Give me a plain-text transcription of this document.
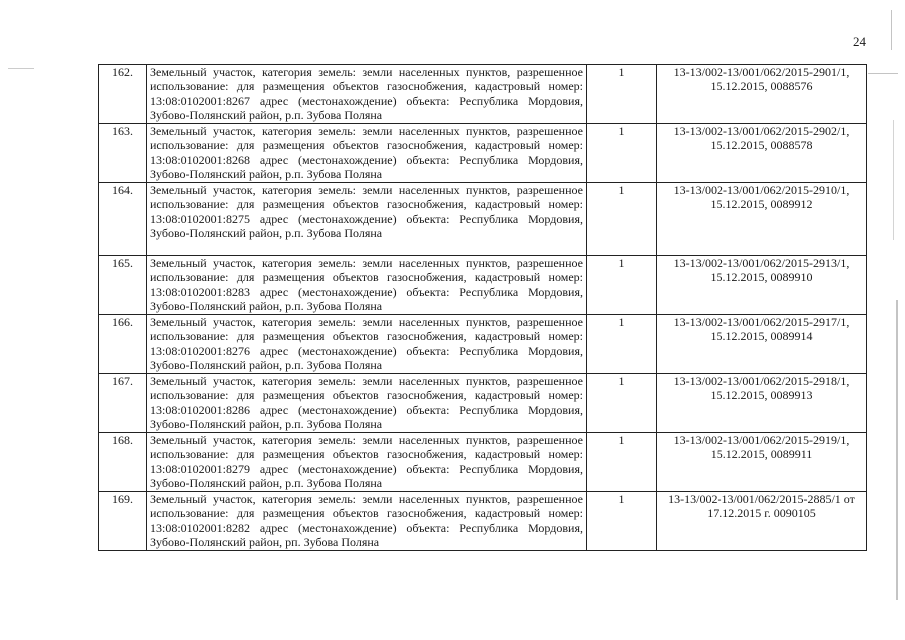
24
162.	Земельный участок, категория земель: земли населенных пунктов, разрешенное использование: для размещения объектов газоснобжения, кадастровый номер: 13:08:0102001:8267 адрес (местонахождение) объекта: Республика Мордовия, Зубово-Полянский район, р.п. Зубова Поляна	1	13-13/002-13/001/062/2015-2901/1, 15.12.2015, 0088576
163.	Земельный участок, категория земель: земли населенных пунктов, разрешенное использование: для размещения объектов газоснобжения, кадастровый номер: 13:08:0102001:8268 адрес (местонахождение) объекта: Республика Мордовия, Зубово-Полянский район, р.п. Зубова Поляна	1	13-13/002-13/001/062/2015-2902/1, 15.12.2015, 0088578
164.	Земельный участок, категория земель: земли населенных пунктов, разрешенное использование: для размещения объектов газоснобжения, кадастровый номер: 13:08:0102001:8275 адрес (местонахождение) объекта: Республика Мордовия, Зубово-Полянский район, р.п. Зубова Поляна	1	13-13/002-13/001/062/2015-2910/1, 15.12.2015, 0089912
165.	Земельный участок, категория земель: земли населенных пунктов, разрешенное использование: для размещения объектов газоснобжения, кадастровый номер: 13:08:0102001:8283 адрес (местонахождение) объекта: Республика Мордовия, Зубово-Полянский район, р.п. Зубова Поляна	1	13-13/002-13/001/062/2015-2913/1, 15.12.2015, 0089910
166.	Земельный участок, категория земель: земли населенных пунктов, разрешенное использование: для размещения объектов газоснобжения, кадастровый номер: 13:08:0102001:8276 адрес (местонахождение) объекта: Республика Мордовия, Зубово-Полянский район, р.п. Зубова Поляна	1	13-13/002-13/001/062/2015-2917/1, 15.12.2015, 0089914
167.	Земельный участок, категория земель: земли населенных пунктов, разрешенное использование: для размещения объектов газоснобжения, кадастровый номер: 13:08:0102001:8286 адрес (местонахождение) объекта: Республика Мордовия, Зубово-Полянский район, р.п. Зубова Поляна	1	13-13/002-13/001/062/2015-2918/1, 15.12.2015, 0089913
168.	Земельный участок, категория земель: земли населенных пунктов, разрешенное использование: для размещения объектов газоснобжения, кадастровый номер: 13:08:0102001:8279 адрес (местонахождение) объекта: Республика Мордовия, Зубово-Полянский район, р.п. Зубова Поляна	1	13-13/002-13/001/062/2015-2919/1, 15.12.2015, 0089911
169.	Земельный участок, категория земель: земли населенных пунктов, разрешенное использование: для размещения объектов газоснобжения, кадастровый номер: 13:08:0102001:8282 адрес (местонахождение) объекта: Республика Мордовия, Зубово-Полянский район, рп. Зубова Поляна	1	13-13/002-13/001/062/2015-2885/1 от 17.12.2015 г. 0090105
